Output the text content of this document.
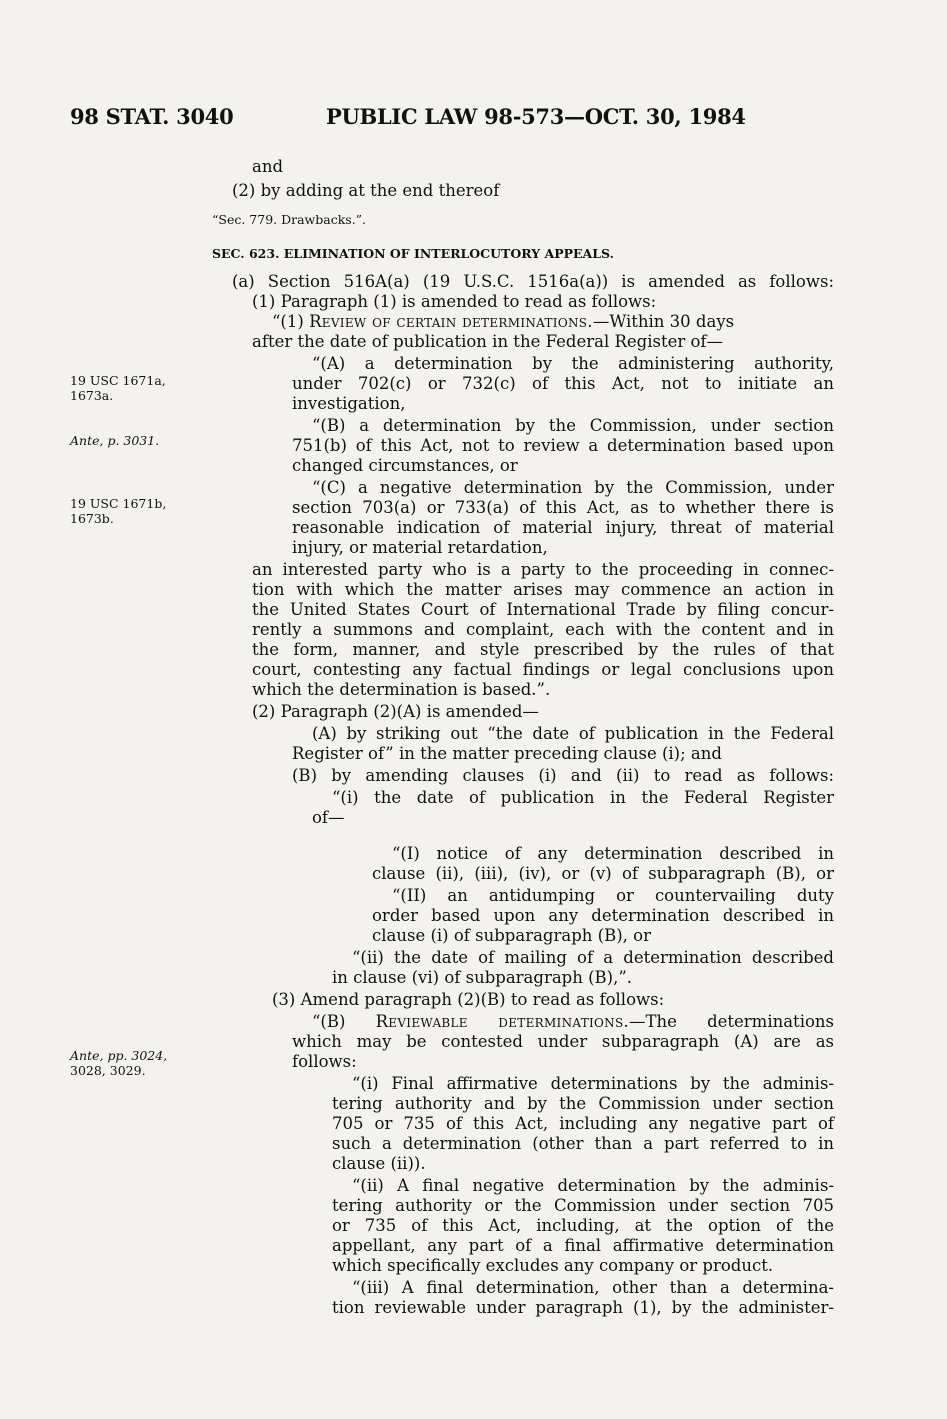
98 STAT. 3040	PUBLIC LAW 98-573—OCT. 30, 1984
19 USC 1671a,
1673a.
Ante, p. 3031.
19 USC 1671b,
1673b.
Ante, pp. 3024,
3028, 3029.
and
(2) by adding at the end thereof
“Sec. 779. Drawbacks.”.
SEC. 623. ELIMINATION OF INTERLOCUTORY APPEALS.
(a) Section 516A(a) (19 U.S.C. 1516a(a)) is amended as follows:
(1) Paragraph (1) is amended to read as follows:
“(1) Review of certain determinations.—Within 30 days
after the date of publication in the Federal Register of—
“(A) a determination by the administering authority,
under 702(c) or 732(c) of this Act, not to initiate an
investigation,
“(B) a determination by the Commission, under section
751(b) of this Act, not to review a determination based upon
changed circumstances, or
“(C) a negative determination by the Commission, under
section 703(a) or 733(a) of this Act, as to whether there is
reasonable indication of material injury, threat of material
injury, or material retardation,
an interested party who is a party to the proceeding in connec-
tion with which the matter arises may commence an action in
the United States Court of International Trade by filing concur-
rently a summons and complaint, each with the content and in
the form, manner, and style prescribed by the rules of that
court, contesting any factual findings or legal conclusions upon
which the determination is based.”.
(2) Paragraph (2)(A) is amended—
(A) by striking out “the date of publication in the Federal
Register of” in the matter preceding clause (i); and
(B) by amending clauses (i) and (ii) to read as follows:
“(i) the date of publication in the Federal Register
of—
“(I) notice of any determination described in
clause (ii), (iii), (iv), or (v) of subparagraph (B), or
“(II) an antidumping or countervailing duty
order based upon any determination described in
clause (i) of subparagraph (B), or
“(ii) the date of mailing of a determination described
in clause (vi) of subparagraph (B),”.
(3) Amend paragraph (2)(B) to read as follows:
“(B) Reviewable determinations.—The determinations
which may be contested under subparagraph (A) are as
follows:
“(i) Final affirmative determinations by the adminis-
tering authority and by the Commission under section
705 or 735 of this Act, including any negative part of
such a determination (other than a part referred to in
clause (ii)).
“(ii) A final negative determination by the adminis-
tering authority or the Commission under section 705
or 735 of this Act, including, at the option of the
appellant, any part of a final affirmative determination
which specifically excludes any company or product.
“(iii) A final determination, other than a determina-
tion reviewable under paragraph (1), by the administer-
